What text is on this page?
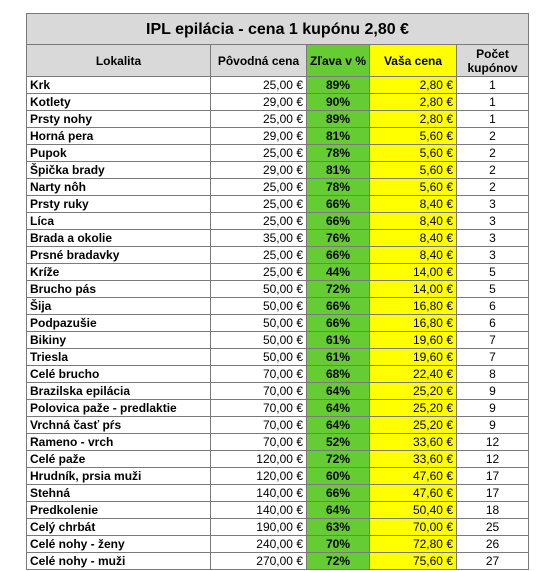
IPL epilácia - cena 1 kupónu 2,80 €				
Lokalita	Pôvodná cena	Zľava v %	Vaša cena	Počet
kupónov
Krk	25,00 €	89%	2,80 €	1
Kotlety	29,00 €	90%	2,80 €	1
Prsty nohy	25,00 €	89%	2,80 €	1
Horná pera	29,00 €	81%	5,60 €	2
Pupok	25,00 €	78%	5,60 €	2
Špička brady	29,00 €	81%	5,60 €	2
Narty nôh	25,00 €	78%	5,60 €	2
Prsty ruky	25,00 €	66%	8,40 €	3
Líca	25,00 €	66%	8,40 €	3
Brada a okolie	35,00 €	76%	8,40 €	3
Prsné bradavky	25,00 €	66%	8,40 €	3
Kríže	25,00 €	44%	14,00 €	5
Brucho pás	50,00 €	72%	14,00 €	5
Šija	50,00 €	66%	16,80 €	6
Podpazušie	50,00 €	66%	16,80 €	6
Bikiny	50,00 €	61%	19,60 €	7
Triesla	50,00 €	61%	19,60 €	7
Celé brucho	70,00 €	68%	22,40 €	8
Brazilska epilácia	70,00 €	64%	25,20 €	9
Polovica paže - predlaktie	70,00 €	64%	25,20 €	9
Vrchná časť pŕs	70,00 €	64%	25,20 €	9
Rameno - vrch	70,00 €	52%	33,60 €	12
Celé paže	120,00 €	72%	33,60 €	12
Hrudník, prsia muži	120,00 €	60%	47,60 €	17
Stehná	140,00 €	66%	47,60 €	17
Predkolenie	140,00 €	64%	50,40 €	18
Celý chrbát	190,00 €	63%	70,00 €	25
Celé nohy - ženy	240,00 €	70%	72,80 €	26
Celé nohy - muži	270,00 €	72%	75,60 €	27
